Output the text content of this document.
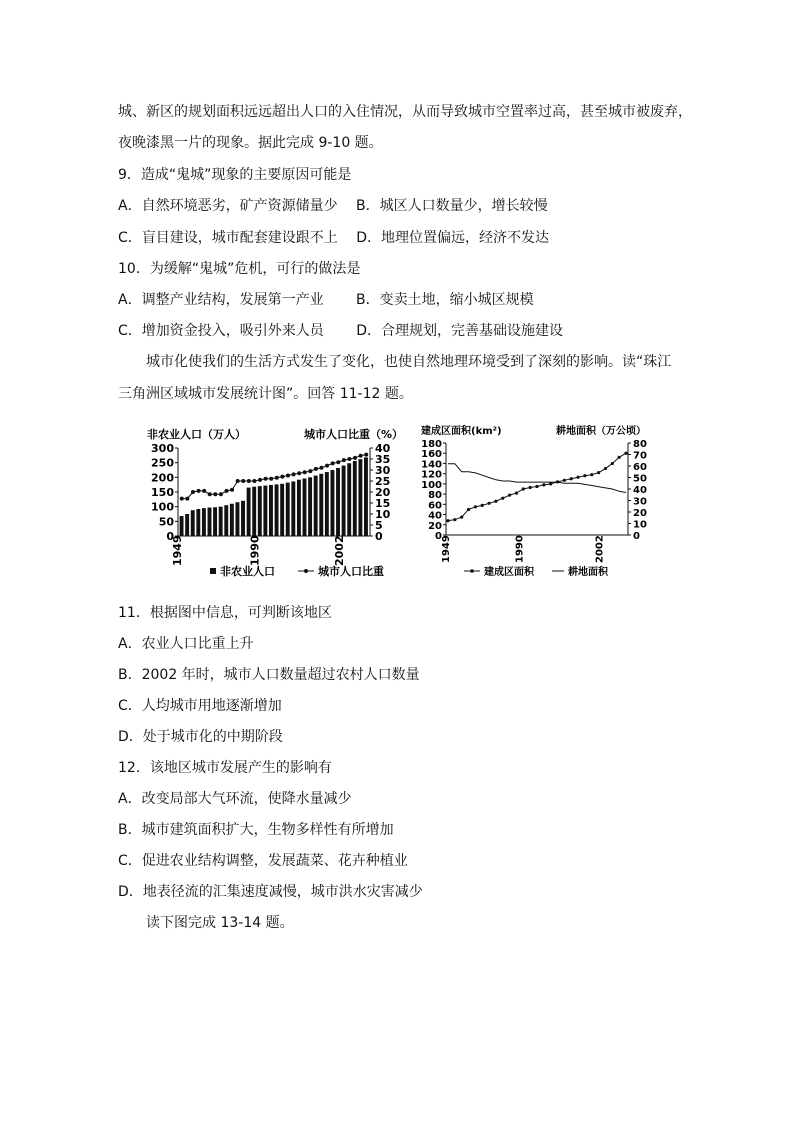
城、新区的规划面积远远超出人口的入住情况，从而导致城市空置率过高，甚至城市被废弃，
夜晚漆黑一片的现象。据此完成 9-10 题。
9．造成“鬼城”现象的主要原因可能是
A．自然环境恶劣，矿产资源储量少　 B．城区人口数量少，增长较慢
C．盲目建设，城市配套建设跟不上　 D．地理位置偏远，经济不发达
10．为缓解“鬼城”危机，可行的做法是
A．调整产业结构，发展第一产业　　 B．变卖土地，缩小城区规模
C．增加资金投入，吸引外来人员　　 D．合理规划，完善基础设施建设
城市化使我们的生活方式发生了变化，也使自然地理环境受到了深刻的影响。读“珠江
三角洲区域城市发展统计图”。回答 11-12 题。
非农业人口（万人）	城市人口比重（%）
0
50
100
150
200
250
300
0
5
10
15
20
25
30
35
40
1949	1990	2002
非农业人口	城市人口比重
建成区面积(km²)	耕地面积（万公顷）
0
20
40
60
80
100
120
140
160
180
0
10
20
30
40
50
60
70
80
1949	1990	2002
建成区面积	耕地面积
11．根据图中信息，可判断该地区
A．农业人口比重上升
B．2002 年时，城市人口数量超过农村人口数量
C．人均城市用地逐渐增加
D．处于城市化的中期阶段
12．该地区城市发展产生的影响有
A．改变局部大气环流，使降水量减少
B．城市建筑面积扩大，生物多样性有所增加
C．促进农业结构调整，发展蔬菜、花卉种植业
D．地表径流的汇集速度减慢，城市洪水灾害减少
读下图完成 13-14 题。
